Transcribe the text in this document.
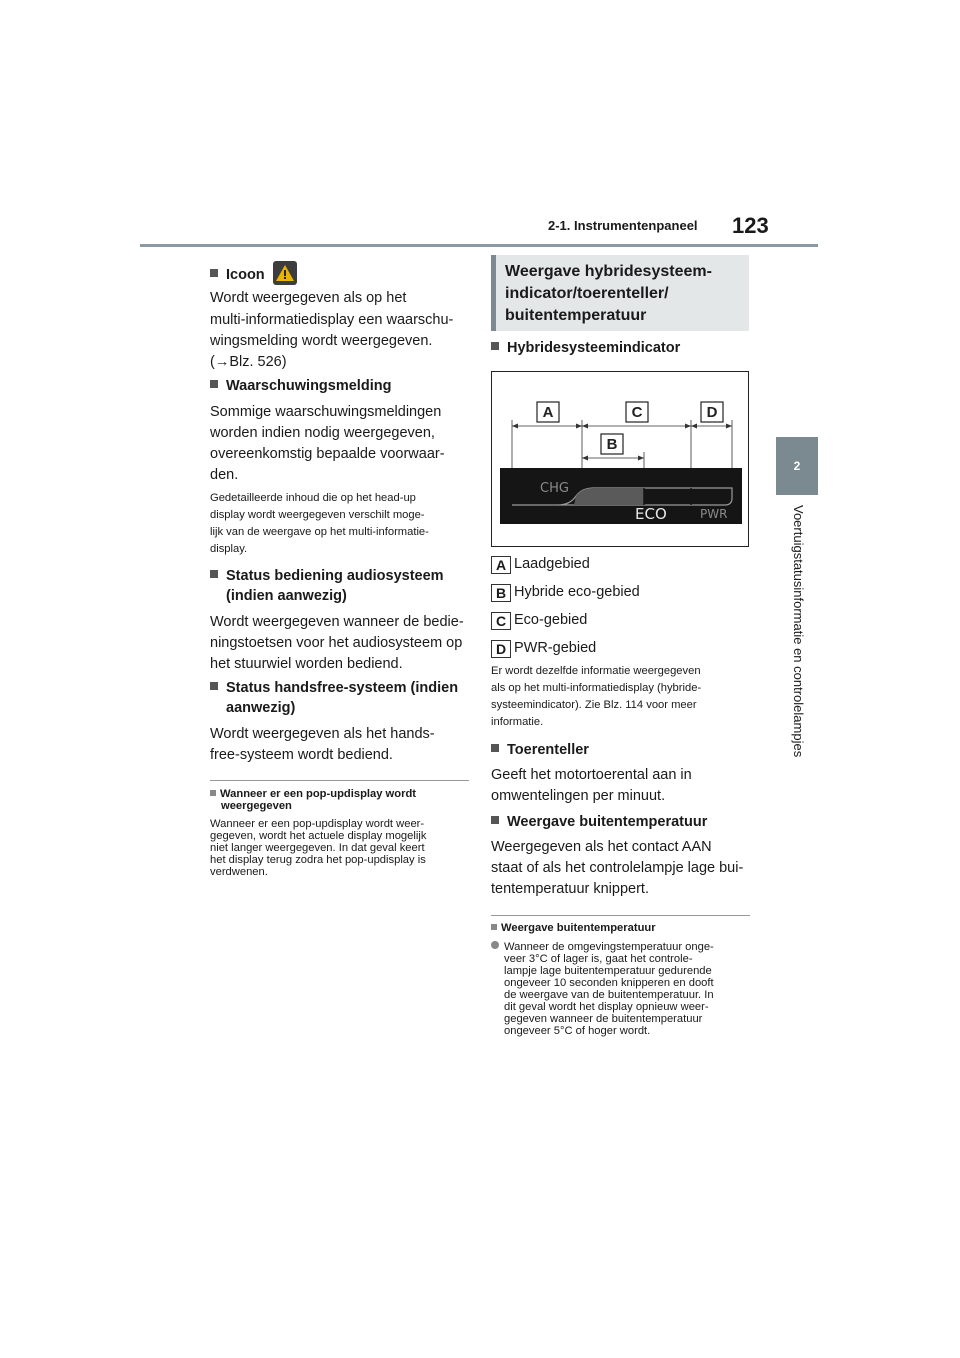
2-1. Instrumentenpaneel 123
2
Voertuigstatusinformatie en controlelampjes
Icoon
Wordt weergegeven als op het
multi-informatiedisplay een waarschu-
wingsmelding wordt weergegeven.
(→Blz. 526)
Waarschuwingsmelding
Sommige waarschuwingsmeldingen
worden indien nodig weergegeven,
overeenkomstig bepaalde voorwaar-
den.
Gedetailleerde inhoud die op het head-up
display wordt weergegeven verschilt moge-
lijk van de weergave op het multi-informatie-
display.
Status bediening audiosysteem
(indien aanwezig)
Wordt weergegeven wanneer de bedie-
ningstoetsen voor het audiosysteem op
het stuurwiel worden bediend.
Status handsfree-systeem (indien
aanwezig)
Wordt weergegeven als het hands-
free-systeem wordt bediend.
Wanneer er een pop-updisplay wordt
weergegeven
Wanneer er een pop-updisplay wordt weer-
gegeven, wordt het actuele display mogelijk
niet langer weergegeven. In dat geval keert
het display terug zodra het pop-updisplay is
verdwenen.
Weergave hybridesysteem-
indicator/toerenteller/
buitentemperatuur
Hybridesysteemindicator
A	C	D
B
CHG
ECO	PWR
A Laadgebied
B Hybride eco-gebied
C Eco-gebied
D PWR-gebied
Er wordt dezelfde informatie weergegeven
als op het multi-informatiedisplay (hybride-
systeemindicator). Zie Blz. 114 voor meer
informatie.
Toerenteller
Geeft het motortoerental aan in
omwentelingen per minuut.
Weergave buitentemperatuur
Weergegeven als het contact AAN
staat of als het controlelampje lage bui-
tentemperatuur knippert.
Weergave buitentemperatuur
Wanneer de omgevingstemperatuur onge-
veer 3°C of lager is, gaat het controle-
lampje lage buitentemperatuur gedurende
ongeveer 10 seconden knipperen en dooft
de weergave van de buitentemperatuur. In
dit geval wordt het display opnieuw weer-
gegeven wanneer de buitentemperatuur
ongeveer 5°C of hoger wordt.
